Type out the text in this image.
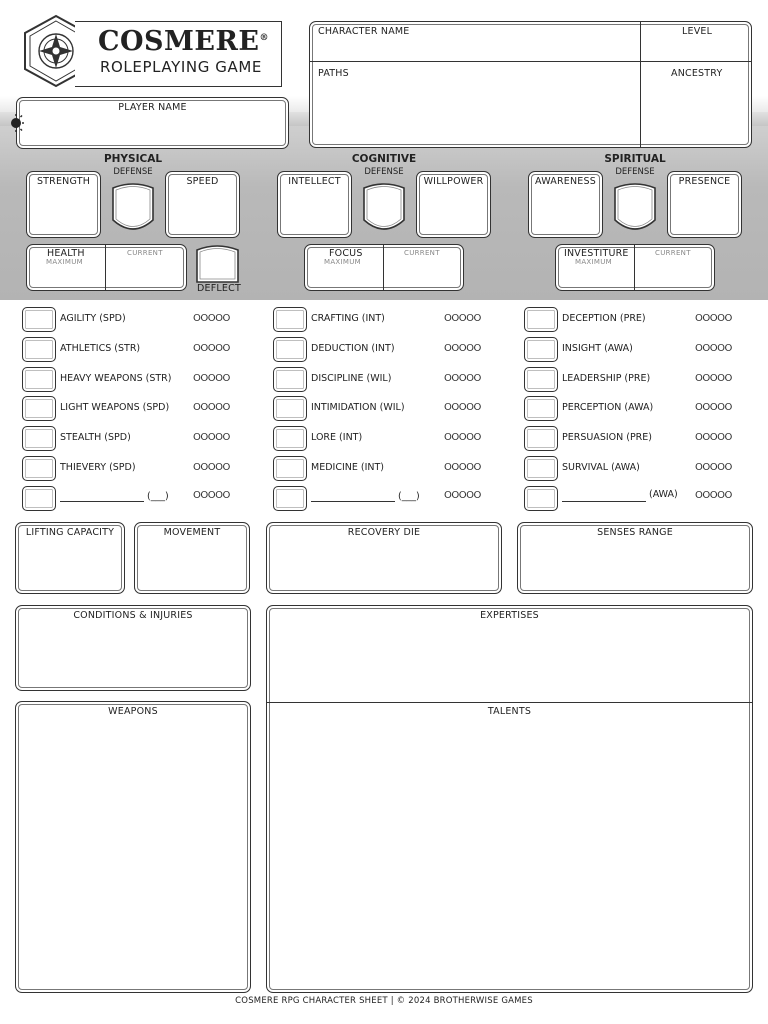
COSMERE®
ROLEPLAYING GAME
PLAYER NAME
CHARACTER NAME	LEVEL
PATHS	ANCESTRY
PHYSICAL
STRENGTH
DEFENSE
SPEED
HEALTH
MAXIMUM
CURRENT
DEFLECT
COGNITIVE
INTELLECT
DEFENSE
WILLPOWER
FOCUS
MAXIMUM
CURRENT
SPIRITUAL
AWARENESS
DEFENSE
PRESENCE
INVESTITURE
MAXIMUM
CURRENT
AGILITY (SPD)	OOOOO
ATHLETICS (STR)	OOOOO
HEAVY WEAPONS (STR) OOOOO
LIGHT WEAPONS (SPD) OOOOO
STEALTH (SPD)	OOOOO
THIEVERY (SPD)	OOOOO
CRAFTING (INT)	OOOOO
DEDUCTION (INT)	OOOOO
DISCIPLINE (WIL)	OOOOO
INTIMIDATION (WIL)	OOOOO
LORE (INT)	OOOOO
MEDICINE (INT)	OOOOO
DECEPTION (PRE)	OOOOO
INSIGHT (AWA)	OOOOO
LEADERSHIP (PRE)	OOOOO
PERCEPTION (AWA)	OOOOO
PERSUASION (PRE)	OOOOO
SURVIVAL (AWA)	OOOOO
(___) OOOOO	(___) OOOOO	(AWA) OOOOO
LIFTING CAPACITY	MOVEMENT	RECOVERY DIE	SENSES RANGE
CONDITIONS & INJURIES
WEAPONS
EXPERTISES
TALENTS
COSMERE RPG CHARACTER SHEET | © 2024 BROTHERWISE GAMES
